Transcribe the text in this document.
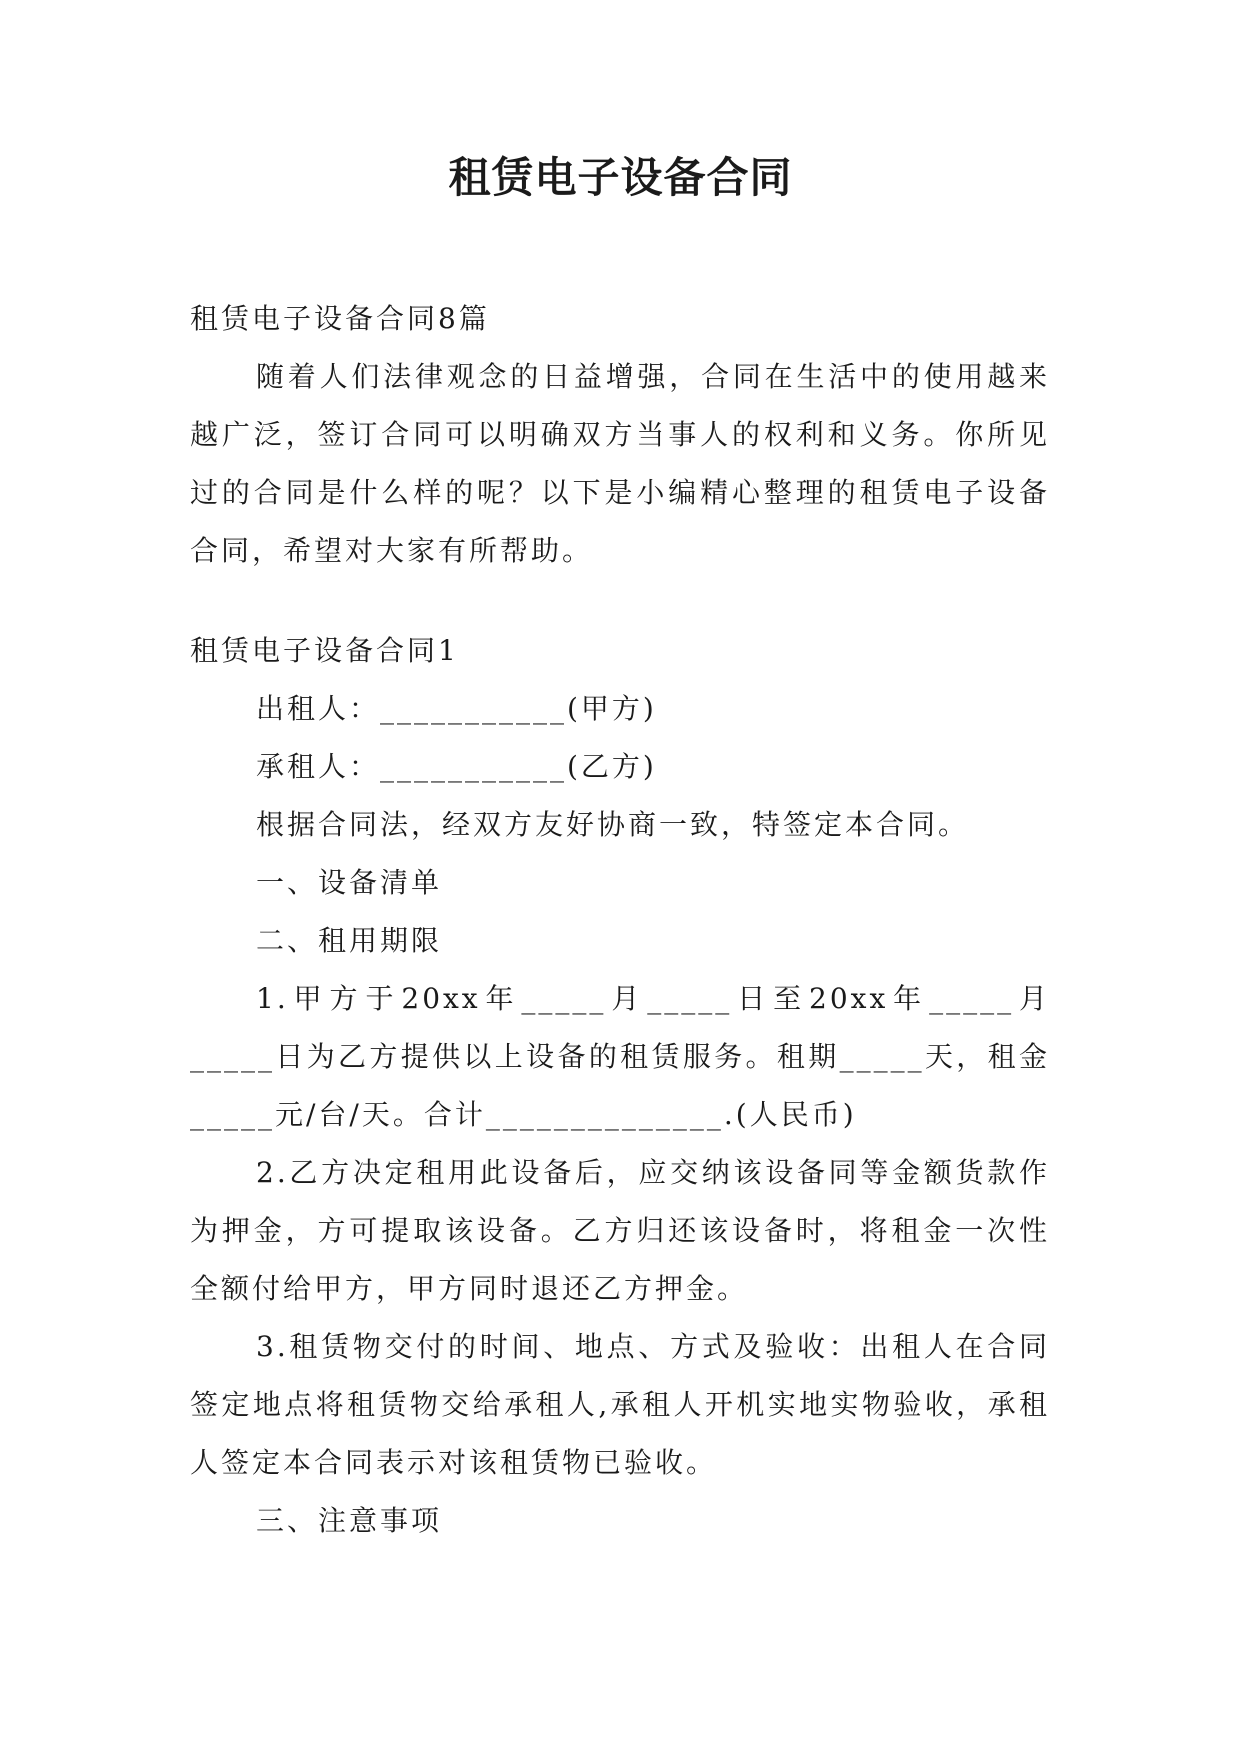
租赁电子设备合同

租赁电子设备合同8篇

随着人们法律观念的日益增强，合同在生活中的使用越来越广泛，签订合同可以明确双方当事人的权利和义务。你所见过的合同是什么样的呢？以下是小编精心整理的租赁电子设备合同，希望对大家有所帮助。

租赁电子设备合同1

出租人：___________(甲方)

承租人：___________(乙方)

根据合同法，经双方友好协商一致，特签定本合同。

一、设备清单

二、租用期限

1.甲方于20xx年_____月_____日至20xx年_____月_____日为乙方提供以上设备的租赁服务。租期_____天，租金_____元/台/天。合计______________.(人民币)

2.乙方决定租用此设备后，应交纳该设备同等金额货款作为押金，方可提取该设备。乙方归还该设备时，将租金一次性全额付给甲方，甲方同时退还乙方押金。

3.租赁物交付的时间、地点、方式及验收：出租人在合同签定地点将租赁物交给承租人,承租人开机实地实物验收，承租人签定本合同表示对该租赁物已验收。

三、注意事项
